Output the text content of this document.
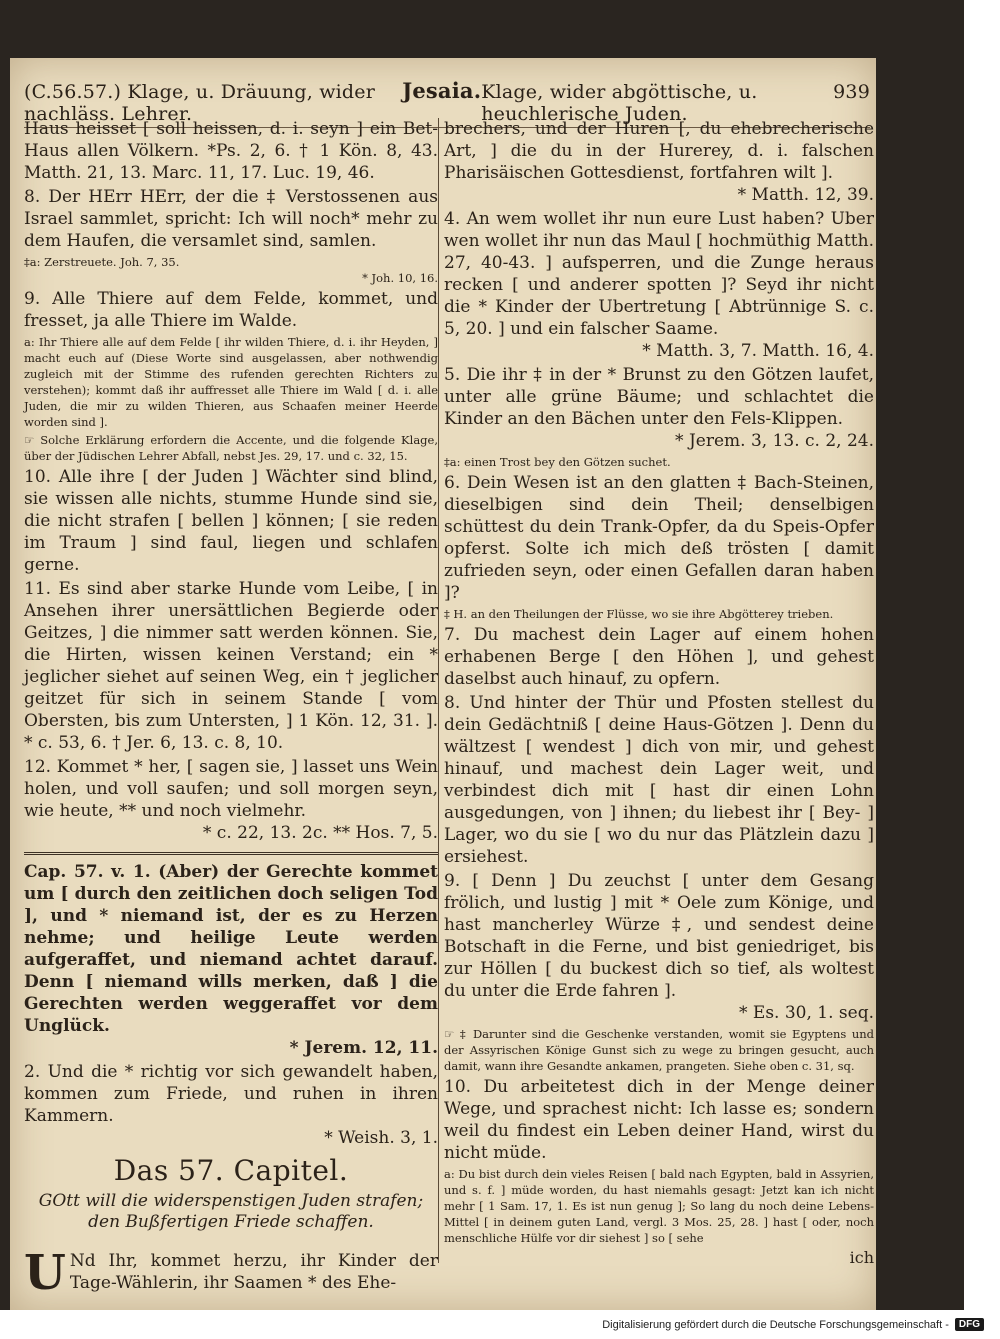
(C.56.57.) Klage, u. Dräuung, wider nachläss. Lehrer.
Jesaia. Klage, wider abgöttische, u. heuchlerische Juden.
939

Haus heisset [ soll heissen, d. i. seyn ] ein Bet-Haus allen Völkern. *Ps. 2, 6. † 1 Kön. 8, 43. Matth. 21, 13. Marc. 11, 17. Luc. 19, 46.

8. Der HErr HErr, der die ‡ Verstossenen aus Israel sammlet, spricht: Ich will noch* mehr zu dem Haufen, die versamlet sind, samlen.

‡a: Zerstreuete. Joh. 7, 35.
* Joh. 10, 16.

9. Alle Thiere auf dem Felde, kommet, und fresset, ja alle Thiere im Walde.

a: Ihr Thiere alle auf dem Felde [ ihr wilden Thiere, d. i. ihr Heyden, ] macht euch auf (Diese Worte sind ausgelassen, aber nothwendig zugleich mit der Stimme des rufenden gerechten Richters zu verstehen); kommt daß ihr auffresset alle Thiere im Wald [ d. i. alle Juden, die mir zu wilden Thieren, aus Schaafen meiner Heerde worden sind ].

☞ Solche Erklärung erfordern die Accente, und die folgende Klage, über der Jüdischen Lehrer Abfall, nebst Jes. 29, 17. und c. 32, 15.

10. Alle ihre [ der Juden ] Wächter sind blind, sie wissen alle nichts, stumme Hunde sind sie, die nicht strafen [ bellen ] können; [ sie reden im Traum ] sind faul, liegen und schlafen gerne.

11. Es sind aber starke Hunde vom Leibe, [ in Ansehen ihrer unersättlichen Begierde oder Geitzes, ] die nimmer satt werden können. Sie, die Hirten, wissen keinen Verstand; ein * jeglicher siehet auf seinen Weg, ein † jeglicher geitzet für sich in seinem Stande [ vom Obersten, bis zum Untersten, ] 1 Kön. 12, 31. ]. * c. 53, 6. † Jer. 6, 13. c. 8, 10.

12. Kommet * her, [ sagen sie, ] lasset uns Wein holen, und voll saufen; und soll morgen seyn, wie heute, ** und noch vielmehr.
* c. 22, 13. 2c. ** Hos. 7, 5.

Cap. 57. v. 1. (Aber) der Gerechte kommet um [ durch den zeitlichen doch seligen Tod ], und * niemand ist, der es zu Herzen nehme; und heilige Leute werden aufgeraffet, und niemand achtet darauf. Denn [ niemand wills merken, daß ] die Gerechten werden weggeraffet vor dem Unglück.
* Jerem. 12, 11.

2. Und die * richtig vor sich gewandelt haben, kommen zum Friede, und ruhen in ihren Kammern.
* Weish. 3, 1.

Das 57. Capitel.
GOtt will die widerspenstigen Juden strafen; den Bußfertigen Friede schaffen.

U Nd Ihr, kommet herzu, ihr Kinder der Tage-Wählerin, ihr Saamen * des Ehe-

brechers, und der Huren [, du ehebrecherische Art, ] die du in der Hurerey, d. i. falschen Pharisäischen Gottesdienst, fortfahren wilt ].
* Matth. 12, 39.

4. An wem wollet ihr nun eure Lust haben? Uber wen wollet ihr nun das Maul [ hochmüthig Matth. 27, 40-43. ] aufsperren, und die Zunge heraus recken [ und anderer spotten ]? Seyd ihr nicht die * Kinder der Ubertretung [ Abtrünnige S. c. 5, 20. ] und ein falscher Saame.
* Matth. 3, 7. Matth. 16, 4.

5. Die ihr ‡ in der * Brunst zu den Götzen laufet, unter alle grüne Bäume; und schlachtet die Kinder an den Bächen unter den Fels-Klippen.
* Jerem. 3, 13. c. 2, 24.

‡a: einen Trost bey den Götzen suchet.

6. Dein Wesen ist an den glatten ‡ Bach-Steinen, dieselbigen sind dein Theil; denselbigen schüttest du dein Trank-Opfer, da du Speis-Opfer opferst. Solte ich mich deß trösten [ damit zufrieden seyn, oder einen Gefallen daran haben ]?

‡ H. an den Theilungen der Flüsse, wo sie ihre Abgötterey trieben.

7. Du machest dein Lager auf einem hohen erhabenen Berge [ den Höhen ], und gehest daselbst auch hinauf, zu opfern.

8. Und hinter der Thür und Pfosten stellest du dein Gedächtniß [ deine Haus-Götzen ]. Denn du wältzest [ wendest ] dich von mir, und gehest hinauf, und machest dein Lager weit, und verbindest dich mit [ hast dir einen Lohn ausgedungen, von ] ihnen; du liebest ihr [ Bey- ] Lager, wo du sie [ wo du nur das Plätzlein dazu ] ersiehest.

9. [ Denn ] Du zeuchst [ unter dem Gesang frölich, und lustig ] mit * Oele zum Könige, und hast mancherley Würze ‡, und sendest deine Botschaft in die Ferne, und bist geniedriget, bis zur Höllen [ du buckest dich so tief, als woltest du unter die Erde fahren ].
* Es. 30, 1. seq.

☞ ‡ Darunter sind die Geschenke verstanden, womit sie Egyptens und der Assyrischen Könige Gunst sich zu wege zu bringen gesucht, auch damit, wann ihre Gesandte ankamen, prangeten. Siehe oben c. 31, sq.

10. Du arbeitetest dich in der Menge deiner Wege, und sprachest nicht: Ich lasse es; sondern weil du findest ein Leben deiner Hand, wirst du nicht müde.

a: Du bist durch dein vieles Reisen [ bald nach Egypten, bald in Assyrien, und s. f. ] müde worden, du hast niemahls gesagt: Jetzt kan ich nicht mehr [ 1 Sam. 17, 1. Es ist nun genug ]; So lang du noch deine Lebens-Mittel [ in deinem guten Land, vergl. 3 Mos. 25, 28. ] hast [ oder, noch menschliche Hülfe vor dir siehest ] so [ sehe

ich
Digitalisierung gefördert durch die Deutsche Forschungsgemeinschaft -	DFG
